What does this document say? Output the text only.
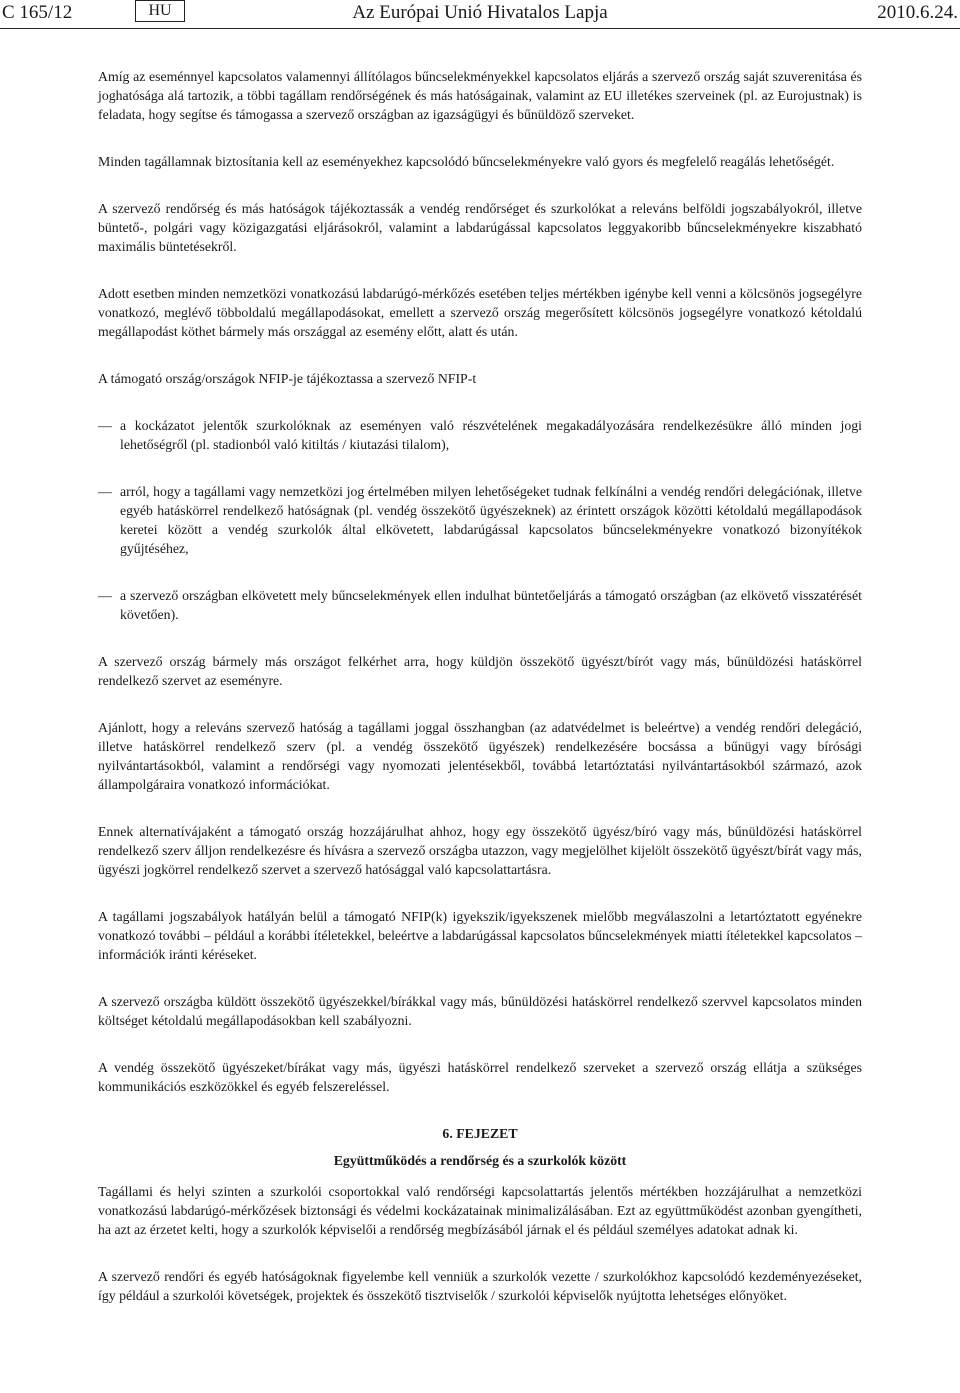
C 165/12	HU	Az Európai Unió Hivatalos Lapja	2010.6.24.

Amíg az eseménnyel kapcsolatos valamennyi állítólagos bűncselekményekkel kapcsolatos eljárás a szervező ország saját szuverenitása és joghatósága alá tartozik, a többi tagállam rendőrségének és más hatóságainak, valamint az EU illetékes szerveinek (pl. az Eurojustnak) is feladata, hogy segítse és támogassa a szervező országban az igazságügyi és bűnüldöző szerveket.

Minden tagállamnak biztosítania kell az eseményekhez kapcsolódó bűncselekményekre való gyors és megfelelő reagálás lehetőségét.

A szervező rendőrség és más hatóságok tájékoztassák a vendég rendőrséget és szurkolókat a releváns belföldi jogszabályokról, illetve büntető-, polgári vagy közigazgatási eljárásokról, valamint a labdarúgással kapcsolatos leggyakoribb bűncselekményekre kiszabható maximális büntetésekről.

Adott esetben minden nemzetközi vonatkozású labdarúgó-mérkőzés esetében teljes mértékben igénybe kell venni a kölcsönös jogsegélyre vonatkozó, meglévő többoldalú megállapodásokat, emellett a szervező ország megerősített kölcsönös jogsegélyre vonatkozó kétoldalú megállapodást köthet bármely más országgal az esemény előtt, alatt és után.

A támogató ország/országok NFIP-je tájékoztassa a szervező NFIP-t

— a kockázatot jelentők szurkolóknak az eseményen való részvételének megakadályozására rendelkezésükre álló minden jogi lehetőségről (pl. stadionból való kitiltás / kiutazási tilalom),
— arról, hogy a tagállami vagy nemzetközi jog értelmében milyen lehetőségeket tudnak felkínálni a vendég rendőri delegációnak, illetve egyéb hatáskörrel rendelkező hatóságnak (pl. vendég összekötő ügyészeknek) az érintett országok közötti kétoldalú megállapodások keretei között a vendég szurkolók által elkövetett, labdarúgással kapcsolatos bűncselekményekre vonatkozó bizonyítékok gyűjtéséhez,
— a szervező országban elkövetett mely bűncselekmények ellen indulhat büntetőeljárás a támogató országban (az elkövető visszatérését követően).

A szervező ország bármely más országot felkérhet arra, hogy küldjön összekötő ügyészt/bírót vagy más, bűnüldözési hatáskörrel rendelkező szervet az eseményre.

Ajánlott, hogy a releváns szervező hatóság a tagállami joggal összhangban (az adatvédelmet is beleértve) a vendég rendőri delegáció, illetve hatáskörrel rendelkező szerv (pl. a vendég összekötő ügyészek) rendelkezésére bocsássa a bűnügyi vagy bírósági nyilvántartásokból, valamint a rendőrségi vagy nyomozati jelentésekből, továbbá letartóztatási nyilvántartásokból származó, azok állampolgáraira vonatkozó információkat.

Ennek alternatívájaként a támogató ország hozzájárulhat ahhoz, hogy egy összekötő ügyész/bíró vagy más, bűnüldözési hatáskörrel rendelkező szerv álljon rendelkezésre és hívásra a szervező országba utazzon, vagy megjelölhet kijelölt összekötő ügyészt/bírát vagy más, ügyészi jogkörrel rendelkező szervet a szervező hatósággal való kapcsolattartásra.

A tagállami jogszabályok hatályán belül a támogató NFIP(k) igyekszik/igyekszenek mielőbb megválaszolni a letartóztatott egyénekre vonatkozó további – például a korábbi ítéletekkel, beleértve a labdarúgással kapcsolatos bűncselekmények miatti ítéletekkel kapcsolatos – információk iránti kéréseket.

A szervező országba küldött összekötő ügyészekkel/bírákkal vagy más, bűnüldözési hatáskörrel rendelkező szervvel kapcsolatos minden költséget kétoldalú megállapodásokban kell szabályozni.

A vendég összekötő ügyészeket/bírákat vagy más, ügyészi hatáskörrel rendelkező szerveket a szervező ország ellátja a szükséges kommunikációs eszközökkel és egyéb felszereléssel.

6. FEJEZET
Együttműködés a rendőrség és a szurkolók között

Tagállami és helyi szinten a szurkolói csoportokkal való rendőrségi kapcsolattartás jelentős mértékben hozzájárulhat a nemzetközi vonatkozású labdarúgó-mérkőzések biztonsági és védelmi kockázatainak minimalizálásában. Ezt az együttműködést azonban gyengítheti, ha azt az érzetet kelti, hogy a szurkolók képviselői a rendőrség megbízásából járnak el és például személyes adatokat adnak ki.

A szervező rendőri és egyéb hatóságoknak figyelembe kell venniük a szurkolók vezette / szurkolókhoz kapcsolódó kezdeményezéseket, így például a szurkolói követségek, projektek és összekötő tisztviselők / szurkolói képviselők nyújtotta lehetséges előnyöket.
